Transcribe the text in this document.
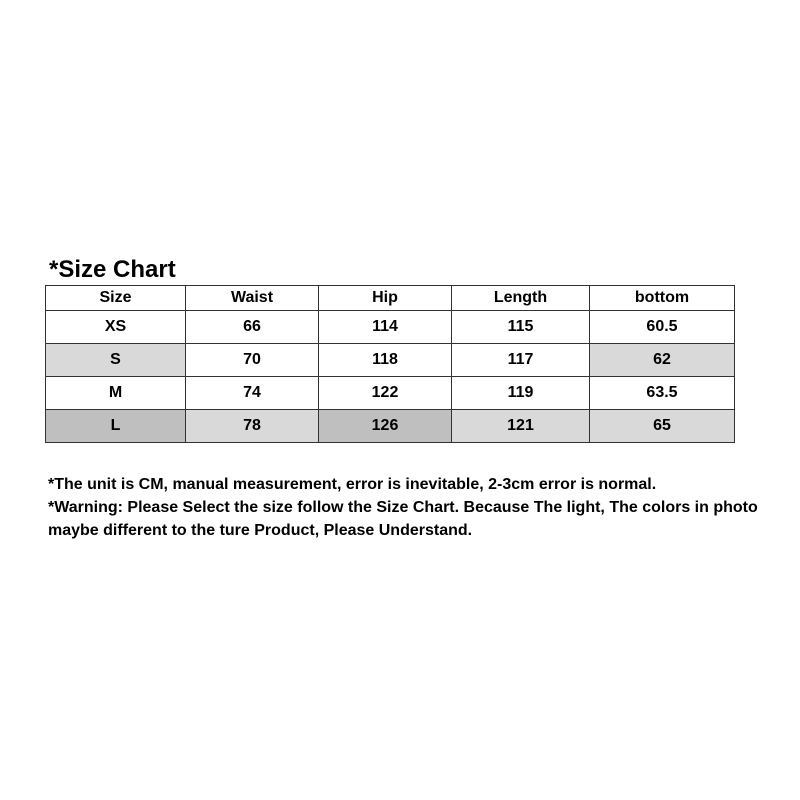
*Size Chart
Size	Waist	Hip	Length	bottom
XS	66	114	115	60.5
S	70	118	117	62
M	74	122	119	63.5
L	78	126	121	65

*The unit is CM, manual measurement, error is inevitable, 2-3cm error is normal.

*Warning: Please Select the size follow the Size Chart. Because The light, The colors in photo maybe different to the ture Product, Please Understand.
